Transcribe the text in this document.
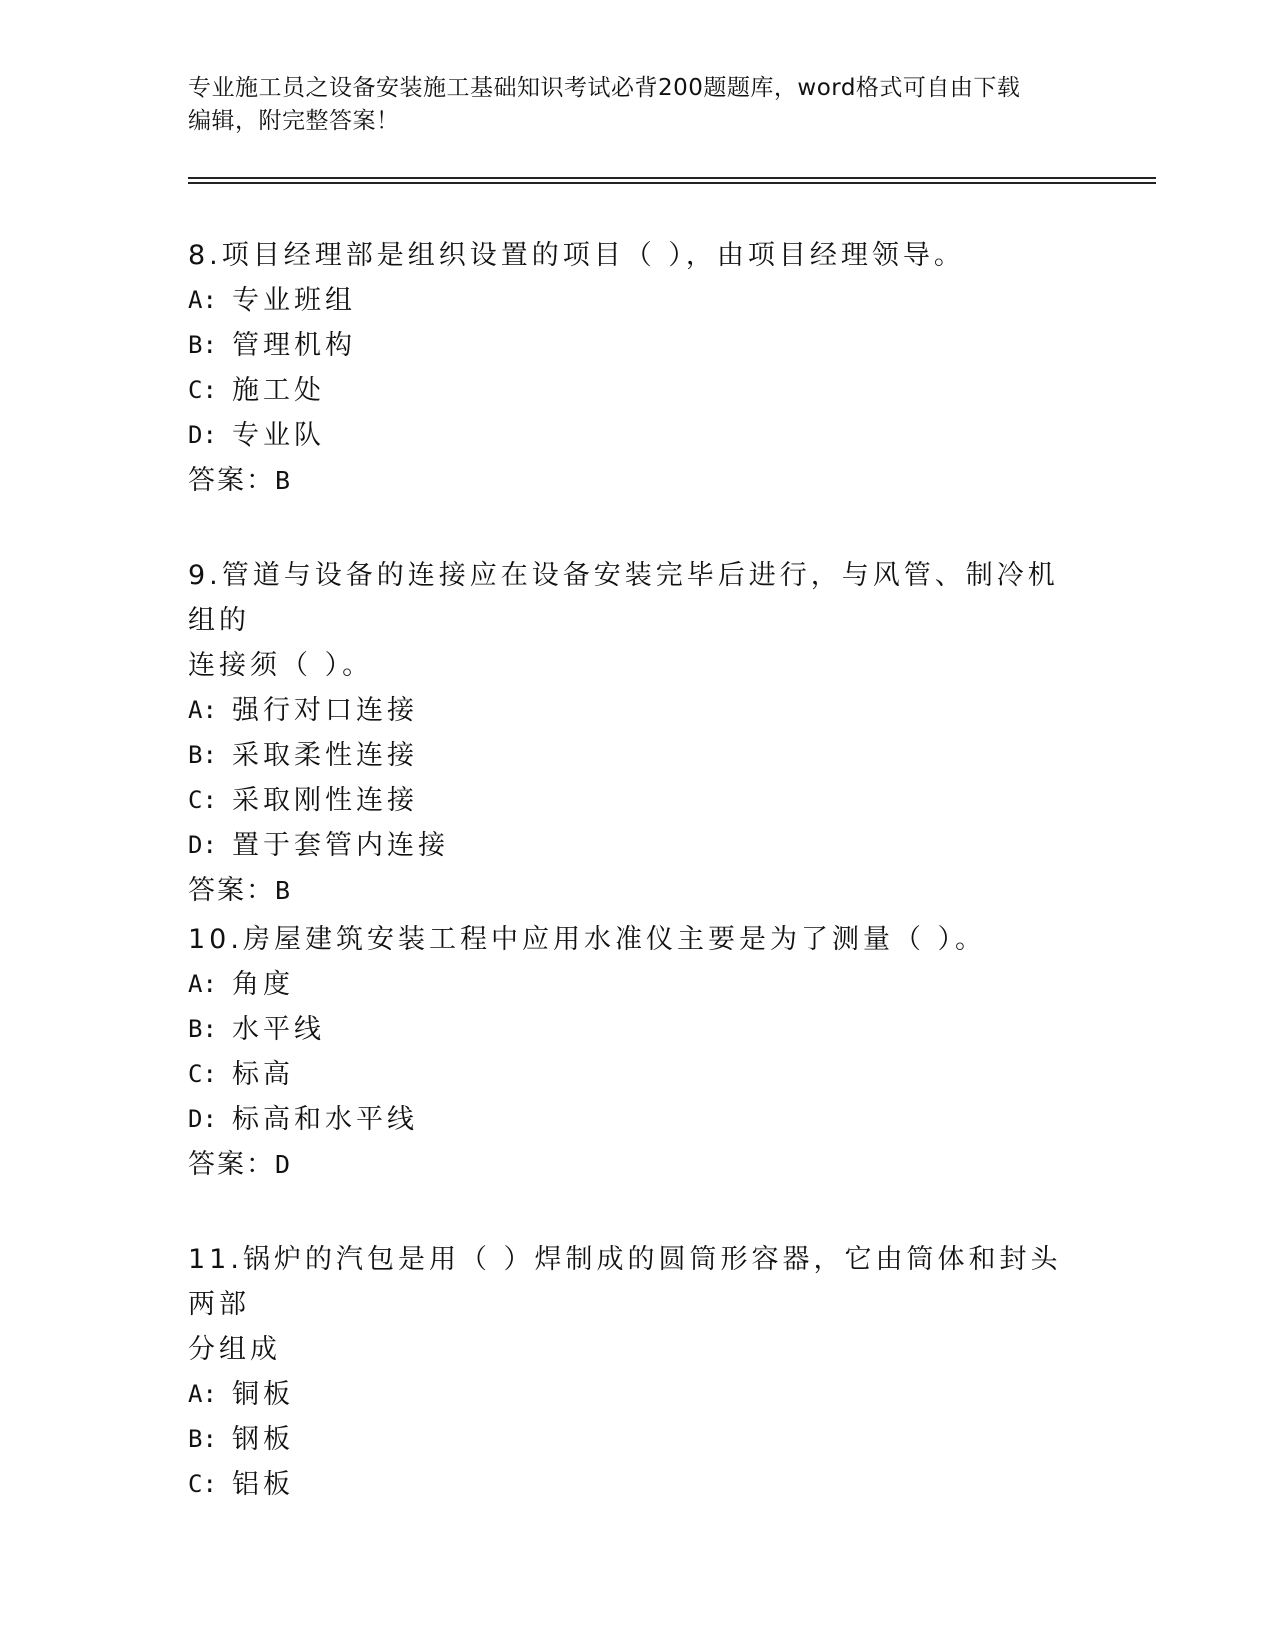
专业施工员之设备安装施工基础知识考试必背200题题库，word格式可自由下载
编辑，附完整答案！

8.项目经理部是组织设置的项目（ ），由项目经理领导。

A: 专业班组

B: 管理机构

C: 施工处

D: 专业队

答案：B

9.管道与设备的连接应在设备安装完毕后进行，与风管、制冷机组的

连接须（ ）。

A: 强行对口连接

B: 采取柔性连接

C: 采取刚性连接

D: 置于套管内连接

答案：B

10.房屋建筑安装工程中应用水准仪主要是为了测量（ ）。

A: 角度

B: 水平线

C: 标高

D: 标高和水平线

答案：D

11.锅炉的汽包是用（ ）焊制成的圆筒形容器，它由筒体和封头两部

分组成

A: 铜板

B: 钢板

C: 铝板
